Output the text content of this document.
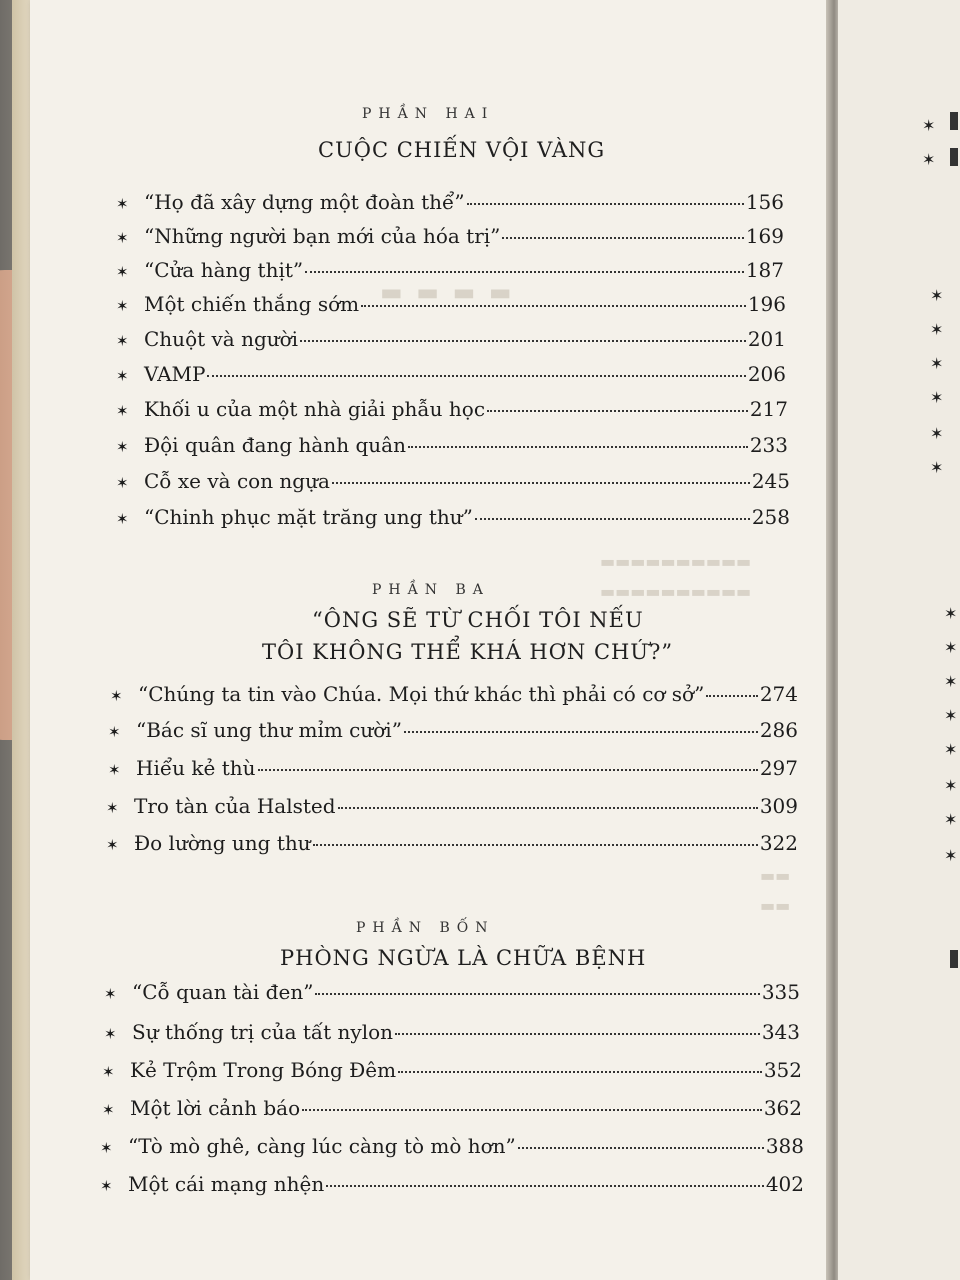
▬ ▬ ▬ ▬
▬▬▬▬▬▬▬▬▬▬
▬▬▬▬▬▬▬▬▬▬
▬▬
▬▬
✶
✶
✶
✶
✶
✶
✶
✶
✶
✶
✶
✶
✶
✶
✶
✶
PHẦN HAI
CUỘC CHIẾN VỘI VÀNG
✶ “Họ đã xây dựng một đoàn thể”	156
✶ “Những người bạn mới của hóa trị”	169
✶ “Cửa hàng thịt”	187
✶ Một chiến thắng sớm	196
✶ Chuột và người	201
✶ VAMP	206
✶ Khối u của một nhà giải phẫu học	217
✶ Đội quân đang hành quân	233
✶ Cỗ xe và con ngựa	245
✶ “Chinh phục mặt trăng ung thư”	258
PHẦN BA
“ÔNG SẼ TỪ CHỐI TÔI NẾU
TÔI KHÔNG THỂ KHÁ HƠN CHỨ?”
✶ “Chúng ta tin vào Chúa. Mọi thứ khác thì phải có cơ sở”	274
✶ “Bác sĩ ung thư mỉm cười”	286
✶ Hiểu kẻ thù	297
✶ Tro tàn của Halsted	309
✶ Đo lường ung thư	322
PHẦN BỐN
PHÒNG NGỪA LÀ CHỮA BỆNH
✶ “Cỗ quan tài đen”	335
✶ Sự thống trị của tất nylon	343
✶ Kẻ Trộm Trong Bóng Đêm	352
✶ Một lời cảnh báo	362
✶ “Tò mò ghê, càng lúc càng tò mò hơn”	388
✶ Một cái mạng nhện	402
